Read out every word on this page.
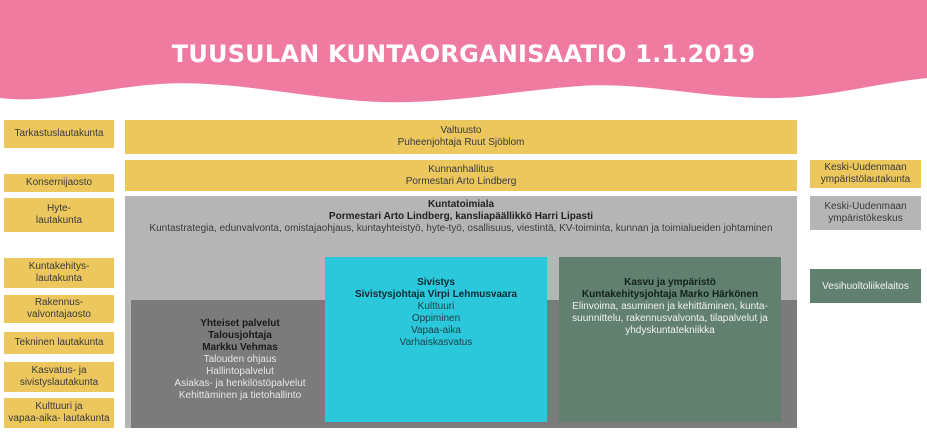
TUUSULAN KUNTAORGANISAATIO 1.1.2019
Tarkastuslautakunta
Konsernijaosto
Hyte-
lautakunta
Kuntakehitys-
lautakunta
Rakennus-
valvontajaosto
Tekninen lautakunta
Kasvatus- ja
sivistyslautakunta
Kulttuuri ja
vapaa-aika- lautakunta
Valtuusto
Puheenjohtaja Ruut Sjöblom
Kunnanhallitus
Pormestari Arto Lindberg
Kuntatoimiala
Pormestari Arto Lindberg, kansliapäällikkö Harri Lipasti
Kuntastrategia, edunvalvonta, omistajaohjaus, kuntayhteistyö, hyte-työ, osallisuus, viestintä, KV-toiminta, kunnan ja toimialueiden johtaminen
Yhteiset palvelut
Talousjohtaja
Markku Vehmas
Talouden ohjaus
Hallintopalvelut
Asiakas- ja henkilöstöpalvelut
Kehittäminen ja tietohallinto
Sivistys
Sivistysjohtaja Virpi Lehmusvaara
Kulttuuri
Oppiminen
Vapaa-aika
Varhaiskasvatus
Kasvu ja ympäristö
Kuntakehitysjohtaja Marko Härkönen
Elinvoima, asuminen ja kehittäminen, kunta-
suunnittelu, rakennusvalvonta, tilapalvelut ja
yhdyskuntatekniikka
Keski-Uudenmaan
ympäristölautakunta
Keski-Uudenmaan
ympäristökeskus
Vesihuoltoliikelaitos
